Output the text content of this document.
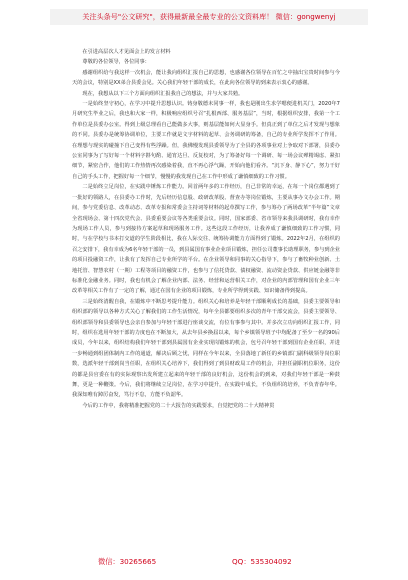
关注头条号"公文研究"，获得最新最全最专业的公文资料库！ 微信：gongwenyj
在引进高层次人才见面会上的发言材料
尊敬的各位领导，各位同事：

感谢组织给与我这样一次机会，能让我向组织汇报自己的思想，也感谢各位领导在百忙之中抽出宝贵时间参与今天的会议，特别是XX弟合县委会见。关心我们年轻干部的成长，在此向各位领导的到来表示衷心的感谢。

现在，我想从以下三个方面向组织汇报我自己的想法，并与大家共勉。

一是始终坚守初心，在学习中提升思想认识。铸身敬德未同事一样，我也是刚出生求学嗯便进机关门，2020年7月研究生毕业之后，我也和大家一样，积极响应组织号召“扎根西部、服务基层”，当时，根据组织安排，我第一个工作单位是县委办公室。得到上级总理看自己能做多大事，则基层能如何大显身手。但真正到了单位之后才发现与想象的不同。县委办是统筹协调单位，主要工作就是文字材料的起草、会务调研的筹备，自己的专业所学发挥不了作用。在理想与现实的碰撞下自己变得有些浮躁。但，我佛慢发现县委领导为了全县的各项事业对上争取对下部署，县委办公室同事为了写好每一个材料字斟句酌、通宵达旦、反复校对，为了筹备好每一个调研、每一场会议殚精竭虑、紧扣细节，紧密合作，他们的工作热情再次感染着我，直不再心浮气躁，开始向他们看齐。“沉下身、静下心”，努力干好自己的手头工作，把握好每一个细节，慢慢的我发现自己在工作中形成了谦慎细致的工作习惯。

二是始终立足岗位，在实践中锤炼工作能力。回首两年多的工作经历，自己非常的幸运，在每一个岗位都遇到了一批好的领路人，在县委办工作时，先后经历信息股、政研改革股、督查办等岗位锻炼，主要从事办文办会工作。期间，参与党委信息、改革动态、改革专报和常委会主持词等材料的起草撰写工作，参与筹办了两场改革“半年篇”文章全省现场会、第十四次党代会、县委重要会议等各类重要会议。同时，国家部委、省市领导来我县调研时，我有幸作为现场工作人员，参与到接待方案起草和现场服务工作。这些这段工作经历，让我养成了谦慎细致的工作习惯，同时，与在学校与书本打交道的学生阶段相比，我在人际交往、统筹协调能力方面得到了锻炼。2022年2月，在组织的召之安排下，我有幸成为6名年轻干部的一员，到县属国有事业企业项目锻炼，担任公司董事长助理职务，参与到企业的项目投融资工作，让我有了发挥自己专业所学的平台。在企业领导和同事的关心指导下，参与了畜牧种业创新、土地托管、智慧农村（一期）工程等项目的融资工作，也参与了信托贷款、债权融资、流动资金贷款、供应链金融等非标准化金融业务。同时，我也有机会了解企业内部、法务、经营和运营相关工作，对企业的内部管理和国有企业三年改革等相关工作有了一定的了解，通过在国有企业的项目锻炼，专业所学得到实践、知识储备得到提高。

三是始终清醒自我，在锻炼中不断思考提升能力。组织关心和培养是年轻干部顺利成长的基础，县委主要领导和组织部的领导以各种方式关心了解我们的工作生活情况，每年全县都要组织多次的青年干部交流会，县委主要领导、组织部领导和县委领导也会亲自参加与年轻干部进行座谈交流，有位有事参与其中。并多次立功向组织汇报工作，同时，组织在选用年轻干部的力度也在不断加大，从去年县乡换届以来，每个乡镇领导班子中均配备了至少一名的90后成员，今年以来，组织结构我们年轻干部到县属国有企业实现岗锻炼的机会，包号召年轻干部到国有企业任职，并进一步畅通到组团体制内工作的通道，解决后顾之忧，同样在今年以来，全县落地了新任的乡镇部门副科级领导岗位职数，选派年轻干部到岗当任职，在组织关心培养下，我们得到了到县财政局工作的机会，并担任副职机位职务，这份的都是县官委在有的实际观察出发所建立起来的年轻干部的良好机会，这份机会的到来，对我们年轻干部是一种鼓舞，更是一种鞭策。今后，我们将继续立足岗位，在学习中提升，在实践中成长，不负组织的培养，不负青春年华。我深知唯有踔厉奋发，笃行不怠，方能不负韶华。

今后的工作中，我将精准把握党的二十大报告的实践要求，自觉把党的二十大精神贯

微信：30265665	QQ：535304092
